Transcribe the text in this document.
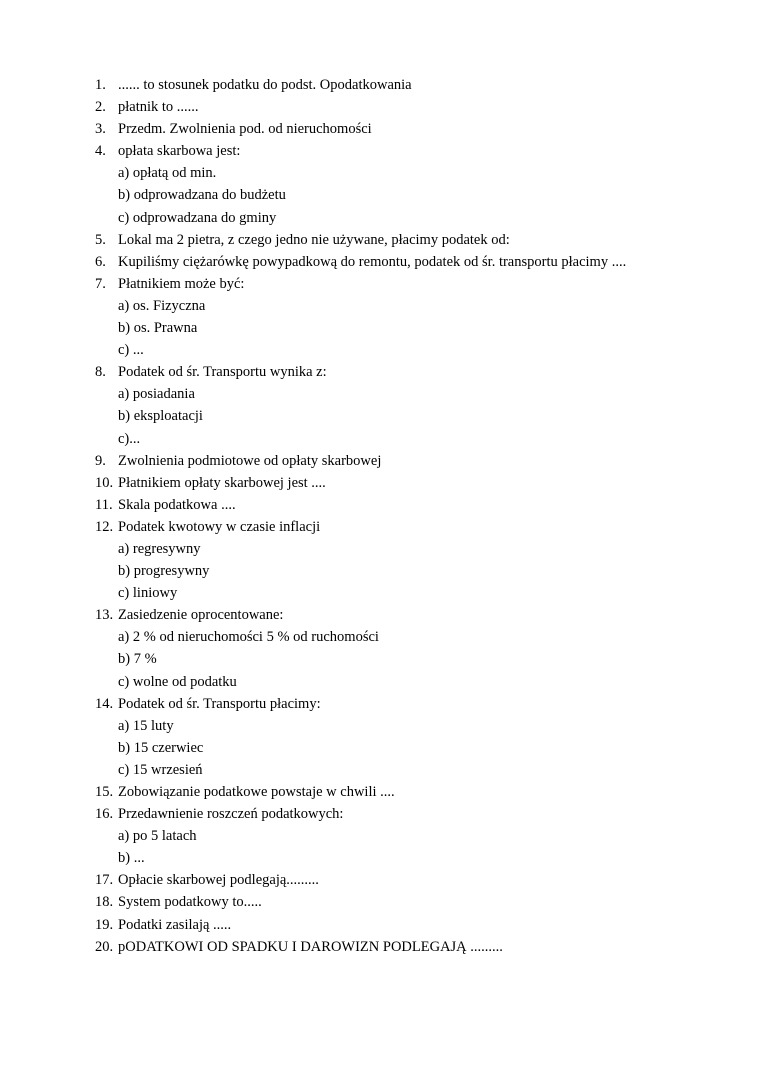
1. ...... to stosunek podatku do podst. Opodatkowania
2. płatnik to ......
3. Przedm. Zwolnienia pod. od nieruchomości
4. opłata skarbowa jest:
a) opłatą od min.
b) odprowadzana do budżetu
c) odprowadzana do gminy
5. Lokal ma 2 pietra, z czego jedno nie używane, płacimy podatek od:
6. Kupiliśmy ciężarówkę powypadkową do remontu, podatek od śr. transportu płacimy ....
7. Płatnikiem może być:
a) os. Fizyczna
b) os. Prawna
c) ...
8. Podatek od śr. Transportu wynika z:
a) posiadania
b) eksploatacji
c)...
9. Zwolnienia podmiotowe od opłaty skarbowej
10. Płatnikiem opłaty skarbowej jest ....
11. Skala podatkowa ....
12. Podatek kwotowy w czasie inflacji
a) regresywny
b) progresywny
c) liniowy
13. Zasiedzenie oprocentowane:
a) 2 % od nieruchomości 5 % od ruchomości
b) 7 %
c) wolne od podatku
14. Podatek od śr. Transportu płacimy:
a) 15 luty
b) 15 czerwiec
c) 15 wrzesień
15. Zobowiązanie podatkowe powstaje w chwili ....
16. Przedawnienie roszczeń podatkowych:
a) po 5 latach
b) ...
17. Opłacie skarbowej podlegają.........
18. System podatkowy to.....
19. Podatki zasilają .....
20. pODATKOWI OD SPADKU I DAROWIZN PODLEGAJĄ .........
